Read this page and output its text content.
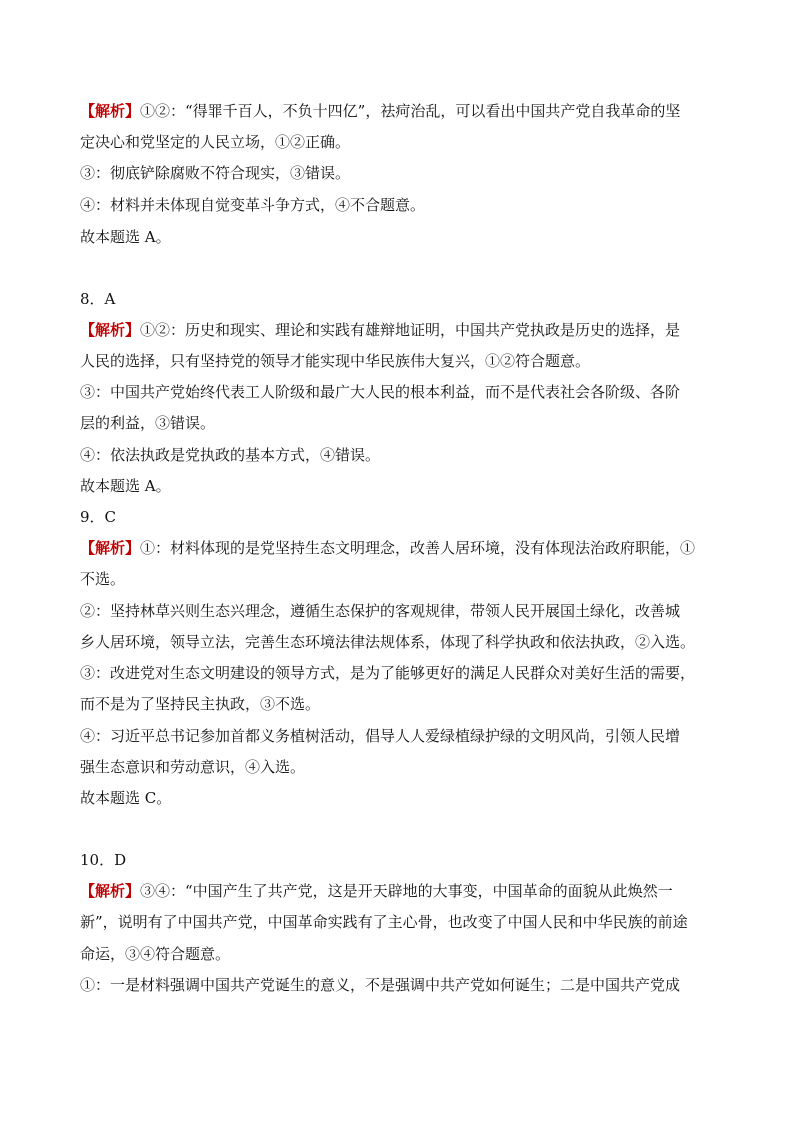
【解析】①②：“得罪千百人，不负十四亿”，祛疴治乱，可以看出中国共产党自我革命的坚
定决心和党坚定的人民立场，①②正确。
③：彻底铲除腐败不符合现实，③错误。
④：材料并未体现自觉变革斗争方式，④不合题意。
故本题选 A。
8．A
【解析】①②：历史和现实、理论和实践有雄辩地证明，中国共产党执政是历史的选择，是
人民的选择，只有坚持党的领导才能实现中华民族伟大复兴，①②符合题意。
③：中国共产党始终代表工人阶级和最广大人民的根本利益，而不是代表社会各阶级、各阶
层的利益，③错误。
④：依法执政是党执政的基本方式，④错误。
故本题选 A。
9．C
【解析】①：材料体现的是党坚持生态文明理念，改善人居环境，没有体现法治政府职能，①
不选。
②：坚持林草兴则生态兴理念，遵循生态保护的客观规律，带领人民开展国土绿化，改善城
乡人居环境，领导立法，完善生态环境法律法规体系，体现了科学执政和依法执政，②入选。
③：改进党对生态文明建设的领导方式，是为了能够更好的满足人民群众对美好生活的需要，
而不是为了坚持民主执政，③不选。
④：习近平总书记参加首都义务植树活动，倡导人人爱绿植绿护绿的文明风尚，引领人民增
强生态意识和劳动意识，④入选。
故本题选 C。
10．D
【解析】③④：“中国产生了共产党，这是开天辟地的大事变，中国革命的面貌从此焕然一
新”，说明有了中国共产党，中国革命实践有了主心骨，也改变了中国人民和中华民族的前途
命运，③④符合题意。
①：一是材料强调中国共产党诞生的意义，不是强调中共产党如何诞生；二是中国共产党成
